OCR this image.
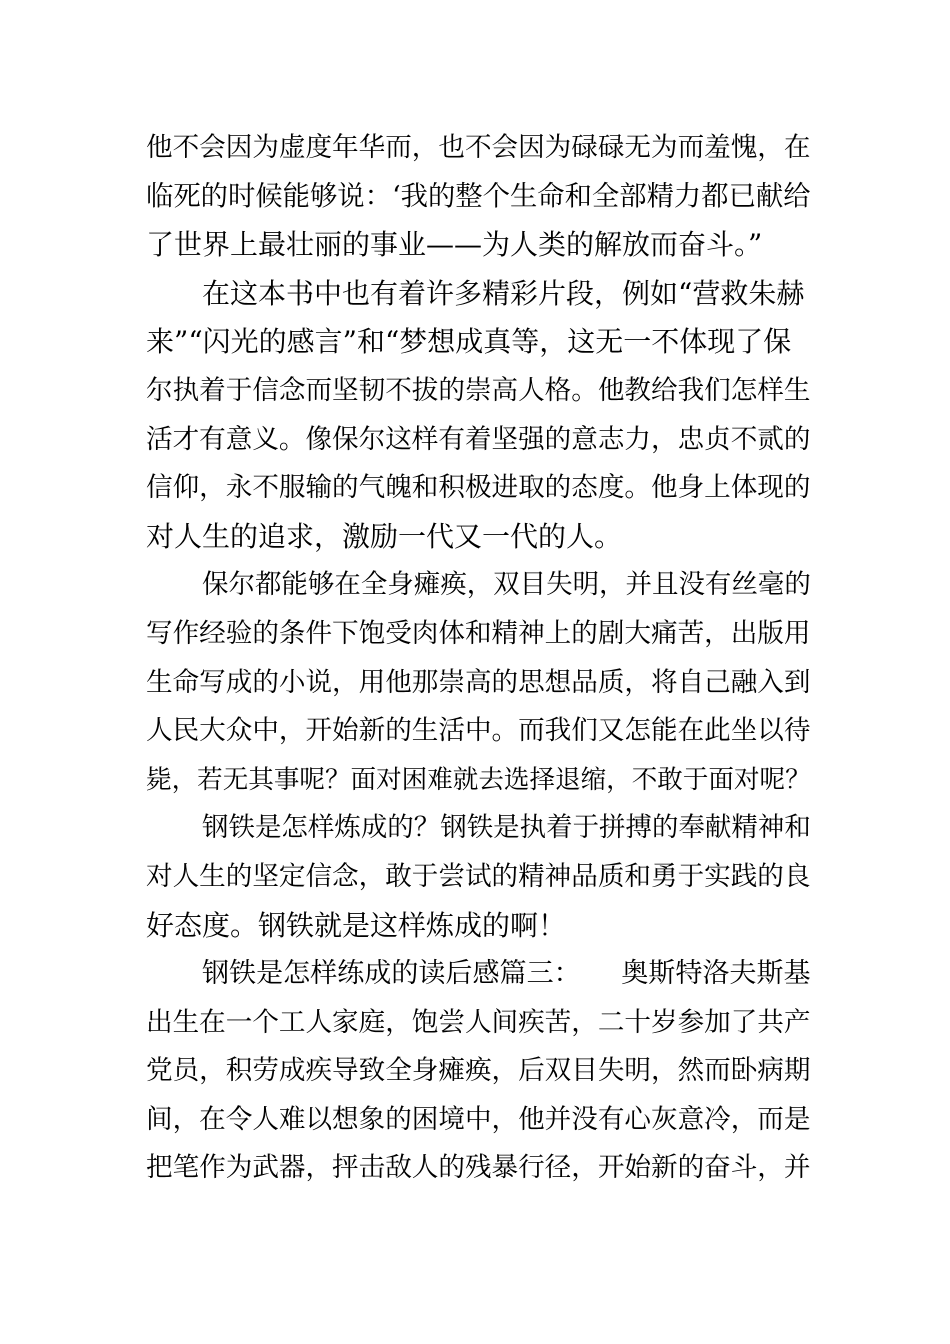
他不会因为虚度年华而，也不会因为碌碌无为而羞愧，在
临死的时候能够说：‘我的整个生命和全部精力都已献给
了世界上最壮丽的事业——为人类的解放而奋斗。”
在这本书中也有着许多精彩片段，例如“营救朱赫
来”“闪光的感言”和“梦想成真等，这无一不体现了保
尔执着于信念而坚韧不拔的崇高人格。他教给我们怎样生
活才有意义。像保尔这样有着坚强的意志力，忠贞不贰的
信仰，永不服输的气魄和积极进取的态度。他身上体现的
对人生的追求，激励一代又一代的人。
保尔都能够在全身瘫痪，双目失明，并且没有丝毫的
写作经验的条件下饱受肉体和精神上的剧大痛苦，出版用
生命写成的小说，用他那崇高的思想品质，将自己融入到
人民大众中，开始新的生活中。而我们又怎能在此坐以待
毙，若无其事呢？面对困难就去选择退缩，不敢于面对呢？
钢铁是怎样炼成的？钢铁是执着于拼搏的奉献精神和
对人生的坚定信念，敢于尝试的精神品质和勇于实践的良
好态度。钢铁就是这样炼成的啊！
钢铁是怎样练成的读后感篇三：　　奥斯特洛夫斯基
出生在一个工人家庭，饱尝人间疾苦，二十岁参加了共产
党员，积劳成疾导致全身瘫痪，后双目失明，然而卧病期
间，在令人难以想象的困境中，他并没有心灰意冷，而是
把笔作为武器，抨击敌人的残暴行径，开始新的奋斗，并
